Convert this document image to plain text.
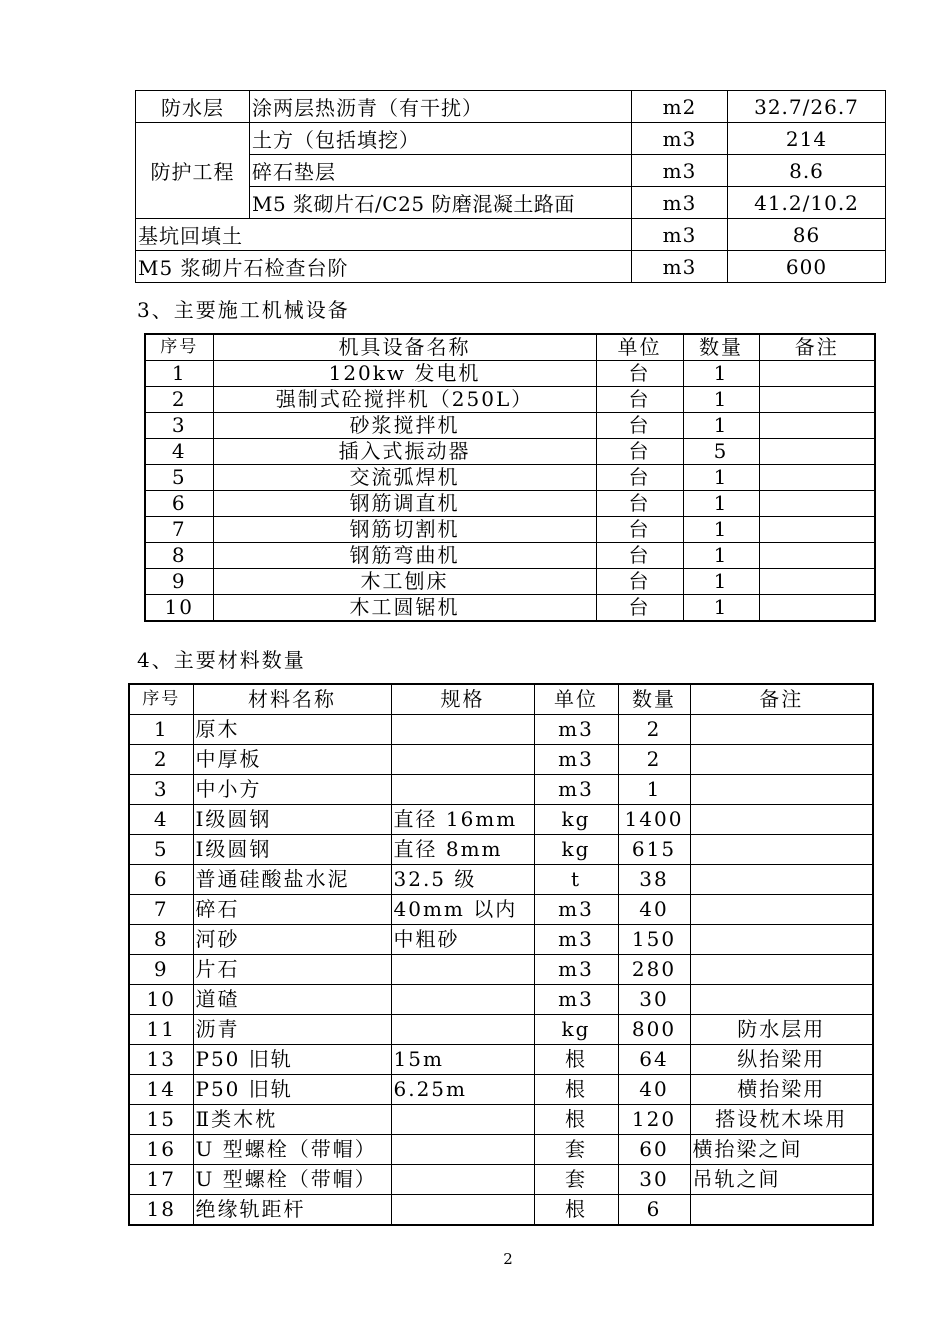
防水层	涂两层热沥青（有干扰）	m2	32.7/26.7
防护工程	土方（包括填挖）	m3	214
	碎石垫层	m3	8.6
	M5 浆砌片石/C25 防磨混凝土路面	m3	41.2/10.2
基坑回填土		m3	86
M5 浆砌片石检查台阶		m3	600
3、主要施工机械设备
序号	机具设备名称	单位	数量	备注
1	120kw 发电机	台	1	
2	强制式砼搅拌机（250L）	台	1	
3	砂浆搅拌机	台	1	
4	插入式振动器	台	5	
5	交流弧焊机	台	1	
6	钢筋调直机	台	1	
7	钢筋切割机	台	1	
8	钢筋弯曲机	台	1	
9	木工刨床	台	1	
10	木工圆锯机	台	1	
4、主要材料数量
序号	材料名称	规格	单位	数量	备注
1	原木		m3	2	
2	中厚板		m3	2	
3	中小方		m3	1	
4	Ⅰ级圆钢	直径 16mm	kg	1400	
5	Ⅰ级圆钢	直径 8mm	kg	615	
6	普通硅酸盐水泥	32.5 级	t	38	
7	碎石	40mm 以内	m3	40	
8	河砂	中粗砂	m3	150	
9	片石		m3	280	
10	道碴		m3	30	
11	沥青		kg	800	防水层用
13	P50 旧轨	15m	根	64	纵抬梁用
14	P50 旧轨	6.25m	根	40	横抬梁用
15	Ⅱ类木枕		根	120	搭设枕木垛用
16	U 型螺栓（带帽）		套	60	横抬梁之间
17	U 型螺栓（带帽）		套	30	吊轨之间
18	绝缘轨距杆		根	6	
2
